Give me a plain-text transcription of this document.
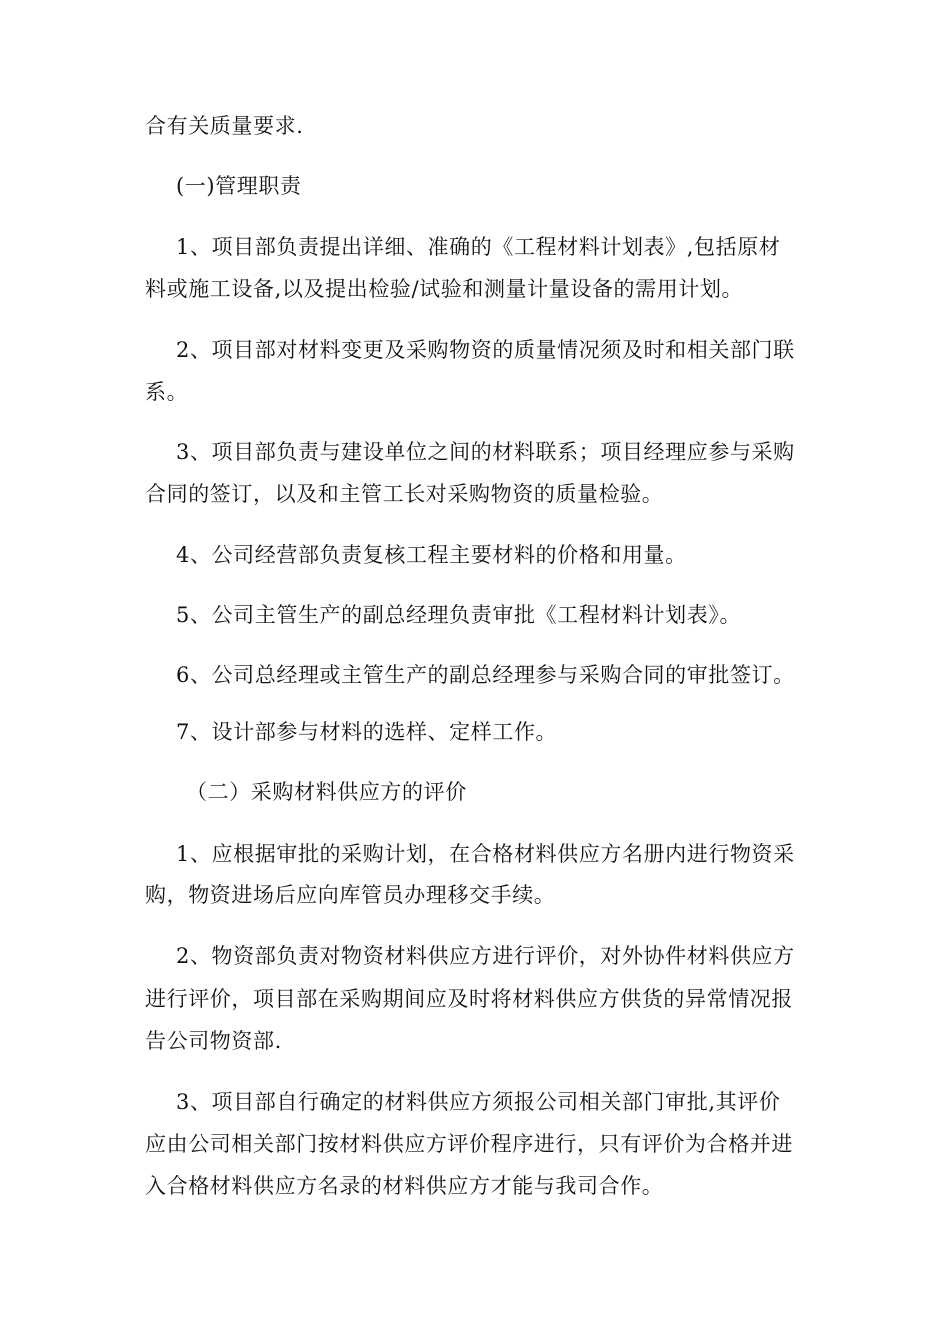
合有关质量要求.
(一)管理职责
1、项目部负责提出详细、准确的《工程材料计划表》,包括原材
料或施工设备,以及提出检验/试验和测量计量设备的需用计划。
2、项目部对材料变更及采购物资的质量情况须及时和相关部门联
系。
3、项目部负责与建设单位之间的材料联系；项目经理应参与采购
合同的签订，以及和主管工长对采购物资的质量检验。
4、公司经营部负责复核工程主要材料的价格和用量。
5、公司主管生产的副总经理负责审批《工程材料计划表》。
6、公司总经理或主管生产的副总经理参与采购合同的审批签订。
7、设计部参与材料的选样、定样工作。
（二）采购材料供应方的评价
1、应根据审批的采购计划，在合格材料供应方名册内进行物资采
购，物资进场后应向库管员办理移交手续。
2、物资部负责对物资材料供应方进行评价，对外协件材料供应方
进行评价，项目部在采购期间应及时将材料供应方供货的异常情况报
告公司物资部.
3、项目部自行确定的材料供应方须报公司相关部门审批,其评价
应由公司相关部门按材料供应方评价程序进行，只有评价为合格并进
入合格材料供应方名录的材料供应方才能与我司合作。
